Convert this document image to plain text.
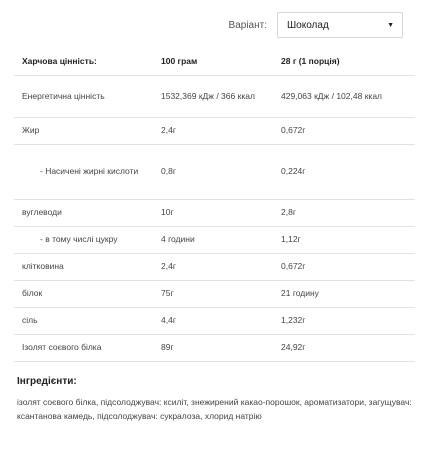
Варіант: Шоколад	▼
Харчова цінність:	100 грам	28 г (1 порція)
Енергетична цінність	1532,369 кДж / 366 ккал	429,063 кДж / 102,48 ккал
Жир	2,4г	0,672г
- Насичені жирні кислоти	0,8г	0,224г
вуглеводи	10г	2,8г
- в тому числі цукру	4 години	1,12г
клітковина	2,4г	0,672г
білок	75г	21 годину
сіль	4,4г	1,232г
Ізолят соєвого білка	89г	24,92г
Інгредієнти:
ізолят соєвого білка, підсолоджувач: ксиліт, знежирений какао-порошок, ароматизатори, загущувач: ксантанова камедь, підсолоджувач: сукралоза, хлорид натрію
